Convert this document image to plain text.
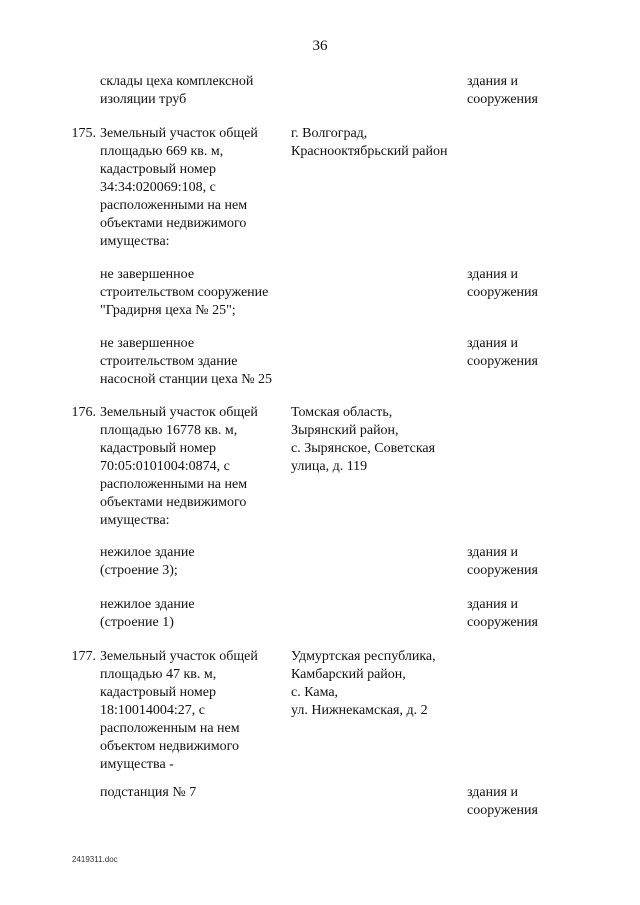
36

склады цеха комплексной
изоляции труб

здания и
сооружения

175. Земельный участок общей
площадью 669 кв. м,
кадастровый номер
34:34:020069:108, с
расположенными на нем
объектами недвижимого
имущества:

г. Волгоград,
Краснооктябрьский район

не завершенное
строительством сооружение
"Градирня цеха № 25";

здания и
сооружения

не завершенное
строительством здание
насосной станции цеха № 25

здания и
сооружения

176. Земельный участок общей
площадью 16778 кв. м,
кадастровый номер
70:05:0101004:0874, с
расположенными на нем
объектами недвижимого
имущества:

Томская область,
Зырянский район,
с. Зырянское, Советская
улица, д. 119

нежилое здание
(строение 3);

здания и
сооружения

нежилое здание
(строение 1)

здания и
сооружения

177. Земельный участок общей
площадью 47 кв. м,
кадастровый номер
18:10014004:27, с
расположенным на нем
объектом недвижимого
имущества -

Удмуртская республика,
Камбарский район,
с. Кама,
ул. Нижнекамская, д. 2

подстанция № 7	здания и
сооружения

2419311.doc
